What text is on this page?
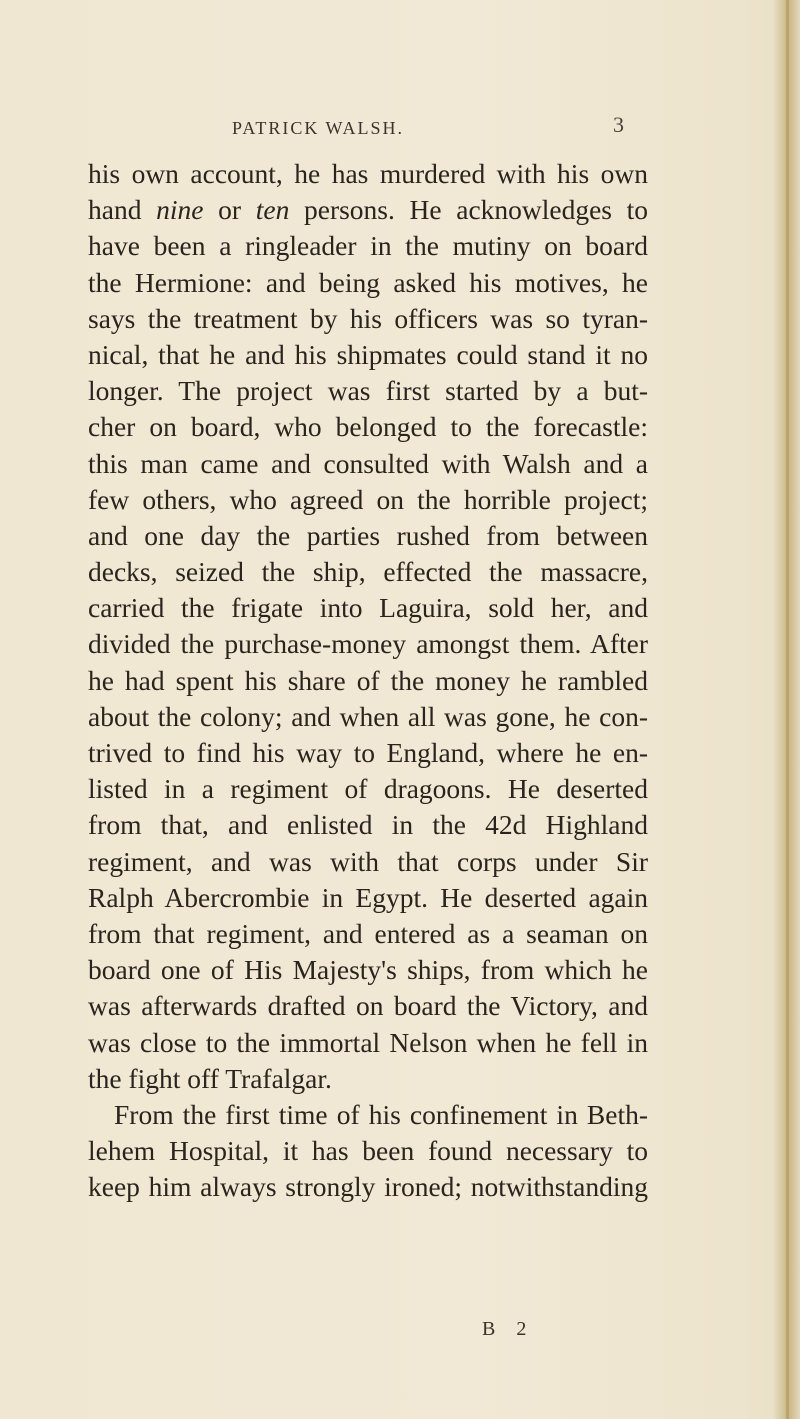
PATRICK WALSH.	3
his own account, he has murdered with his own
hand nine or ten persons. He acknowledges to
have been a ringleader in the mutiny on board
the Hermione: and being asked his motives, he
says the treatment by his officers was so tyran-
nical, that he and his shipmates could stand it no
longer. The project was first started by a but-
cher on board, who belonged to the forecastle:
this man came and consulted with Walsh and a
few others, who agreed on the horrible project;
and one day the parties rushed from between
decks, seized the ship, effected the massacre,
carried the frigate into Laguira, sold her, and
divided the purchase-money amongst them. After
he had spent his share of the money he rambled
about the colony; and when all was gone, he con-
trived to find his way to England, where he en-
listed in a regiment of dragoons. He deserted
from that, and enlisted in the 42d Highland
regiment, and was with that corps under Sir
Ralph Abercrombie in Egypt. He deserted again
from that regiment, and entered as a seaman on
board one of His Majesty's ships, from which he
was afterwards drafted on board the Victory, and
was close to the immortal Nelson when he fell in
the fight off Trafalgar.
From the first time of his confinement in Beth-
lehem Hospital, it has been found necessary to
keep him always strongly ironed; notwithstanding
B 2
